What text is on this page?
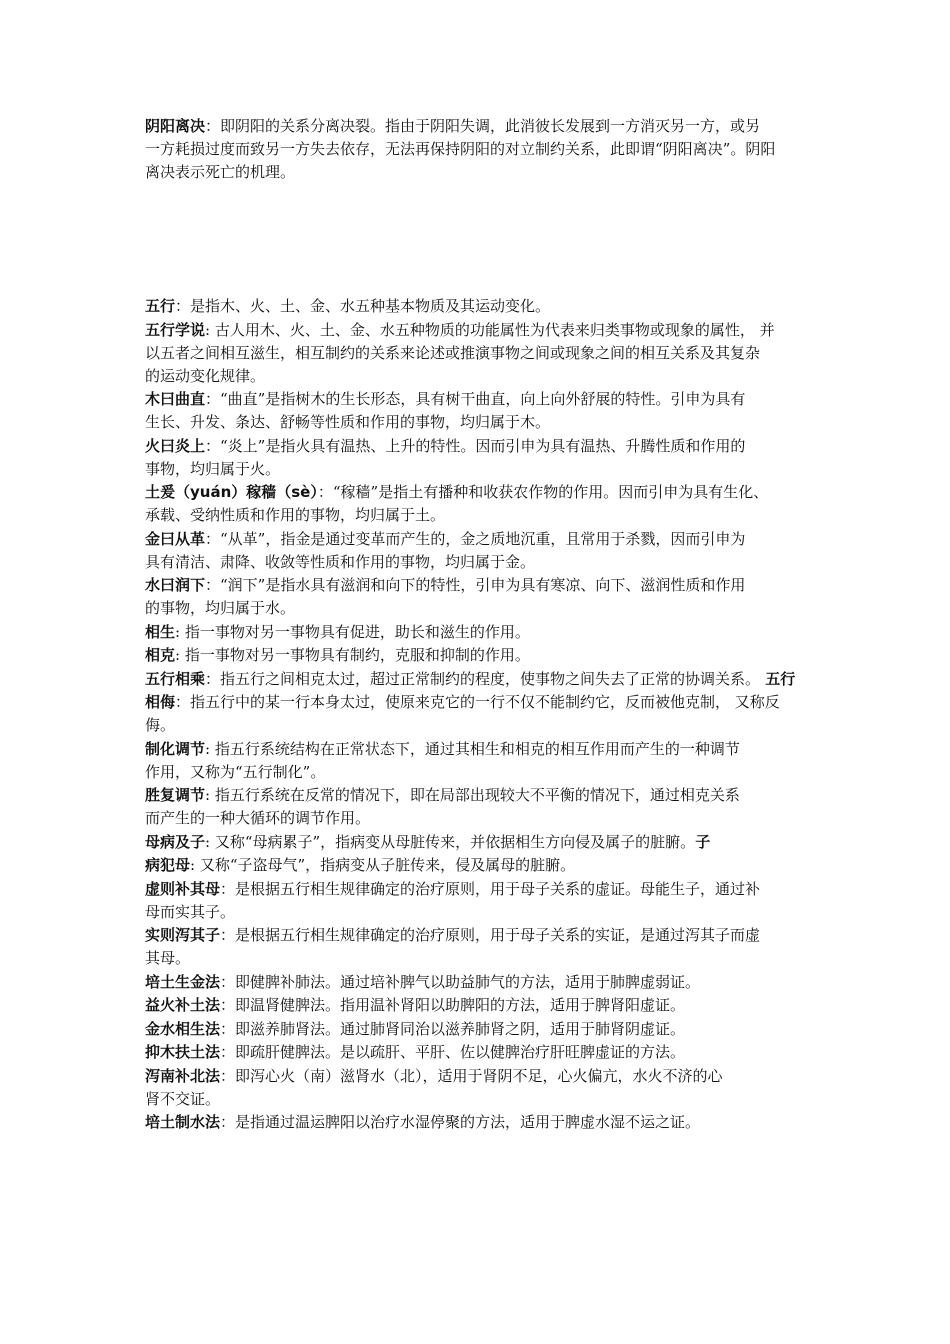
阴阳离决：即阴阳的关系分离决裂。指由于阴阳失调，此消彼长发展到一方消灭另一方，或另
一方耗损过度而致另一方失去依存，无法再保持阴阳的对立制约关系，此即谓“阴阳离决”。阴阳
离决表示死亡的机理。

五行：是指木、火、土、金、水五种基本物质及其运动变化。

五行学说: 古人用木、火、土、金、水五种物质的功能属性为代表来归类事物或现象的属性， 并
以五者之间相互滋生，相互制约的关系来论述或推演事物之间或现象之间的相互关系及其复杂
的运动变化规律。

木曰曲直：“曲直”是指树木的生长形态，具有树干曲直，向上向外舒展的特性。引申为具有
生长、升发、条达、舒畅等性质和作用的事物，均归属于木。

火曰炎上：“炎上”是指火具有温热、上升的特性。因而引申为具有温热、升腾性质和作用的
事物，均归属于火。

土爰（yuán）稼穑（sè）：“稼穑”是指土有播种和收获农作物的作用。因而引申为具有生化、
承载、受纳性质和作用的事物，均归属于土。

金曰从革：“从革”，指金是通过变革而产生的，金之质地沉重，且常用于杀戮，因而引申为
具有清洁、肃降、收敛等性质和作用的事物，均归属于金。

水曰润下：“润下”是指水具有滋润和向下的特性，引申为具有寒凉、向下、滋润性质和作用
的事物，均归属于水。

相生: 指一事物对另一事物具有促进，助长和滋生的作用。

相克: 指一事物对另一事物具有制约，克服和抑制的作用。

五行相乘：指五行之间相克太过，超过正常制约的程度，使事物之间失去了正常的协调关系。 五行

相侮：指五行中的某一行本身太过，使原来克它的一行不仅不能制约它，反而被他克制， 又称反
侮。

制化调节: 指五行系统结构在正常状态下，通过其相生和相克的相互作用而产生的一种调节
作用，又称为“五行制化”。

胜复调节: 指五行系统在反常的情况下，即在局部出现较大不平衡的情况下，通过相克关系
而产生的一种大循环的调节作用。

母病及子: 又称“母病累子”，指病变从母脏传来，并依据相生方向侵及属子的脏腑。子

病犯母: 又称“子盗母气”，指病变从子脏传来，侵及属母的脏腑。

虚则补其母：是根据五行相生规律确定的治疗原则，用于母子关系的虚证。母能生子，通过补
母而实其子。

实则泻其子：是根据五行相生规律确定的治疗原则，用于母子关系的实证，是通过泻其子而虚
其母。

培土生金法：即健脾补肺法。通过培补脾气以助益肺气的方法，适用于肺脾虚弱证。

益火补土法：即温肾健脾法。指用温补肾阳以助脾阳的方法，适用于脾肾阳虚证。

金水相生法：即滋养肺肾法。通过肺肾同治以滋养肺肾之阴，适用于肺肾阴虚证。

抑木扶土法：即疏肝健脾法。是以疏肝、平肝、佐以健脾治疗肝旺脾虚证的方法。

泻南补北法：即泻心火（南）滋肾水（北），适用于肾阴不足，心火偏亢，水火不济的心
肾不交证。

培土制水法：是指通过温运脾阳以治疗水湿停聚的方法，适用于脾虚水湿不运之证。
